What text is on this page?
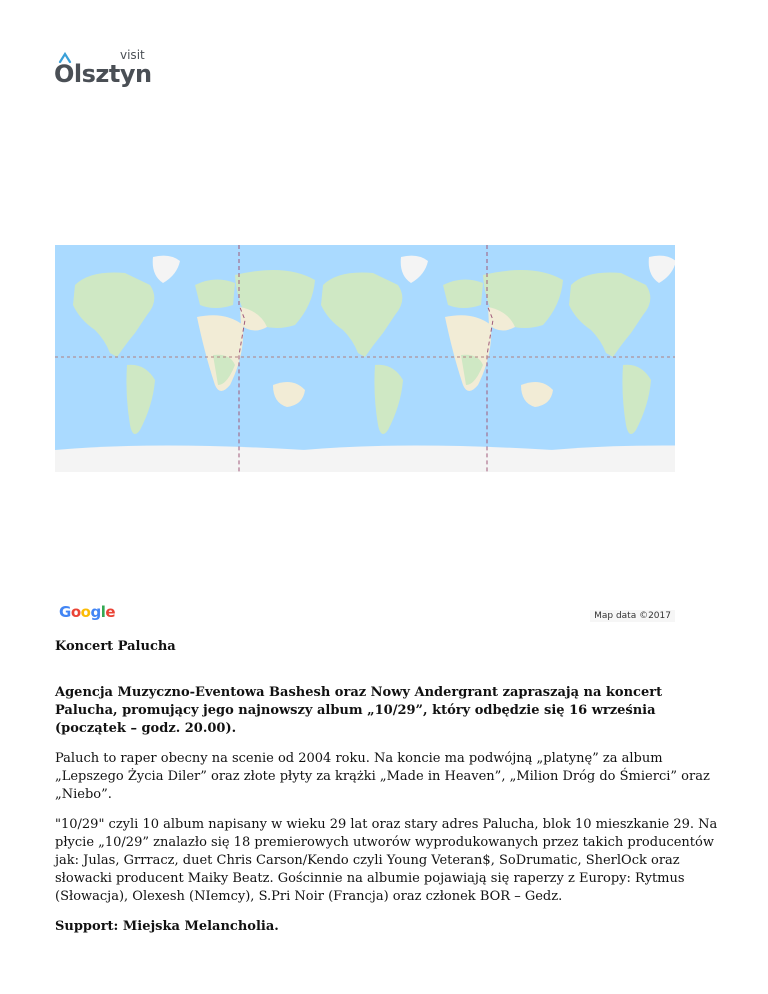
visit
Olsztyn
Google	Map data ©2017

Koncert Palucha

Agencja Muzyczno-Eventowa Bashesh oraz Nowy Andergrant zapraszają na koncert Palucha, promujący jego najnowszy album „10/29”, który odbędzie się 16 września (początek – godz. 20.00).

Paluch to raper obecny na scenie od 2004 roku. Na koncie ma podwójną „platynę” za album „Lepszego Życia Diler” oraz złote płyty za krążki „Made in Heaven”, „Milion Dróg do Śmierci” oraz „Niebo”.

"10/29" czyli 10 album napisany w wieku 29 lat oraz stary adres Palucha, blok 10 mieszkanie 29. Na płycie „10/29” znalazło się 18 premierowych utworów wyprodukowanych przez takich producentów jak: Julas, Grrracz, duet Chris Carson/Kendo czyli Young Veteran$, SoDrumatic, SherlOck oraz słowacki producent Maiky Beatz. Gościnnie na albumie pojawiają się raperzy z Europy: Rytmus (Słowacja), Olexesh (NIemcy), S.Pri Noir (Francja) oraz członek BOR – Gedz.

Support: Miejska Melancholia.
